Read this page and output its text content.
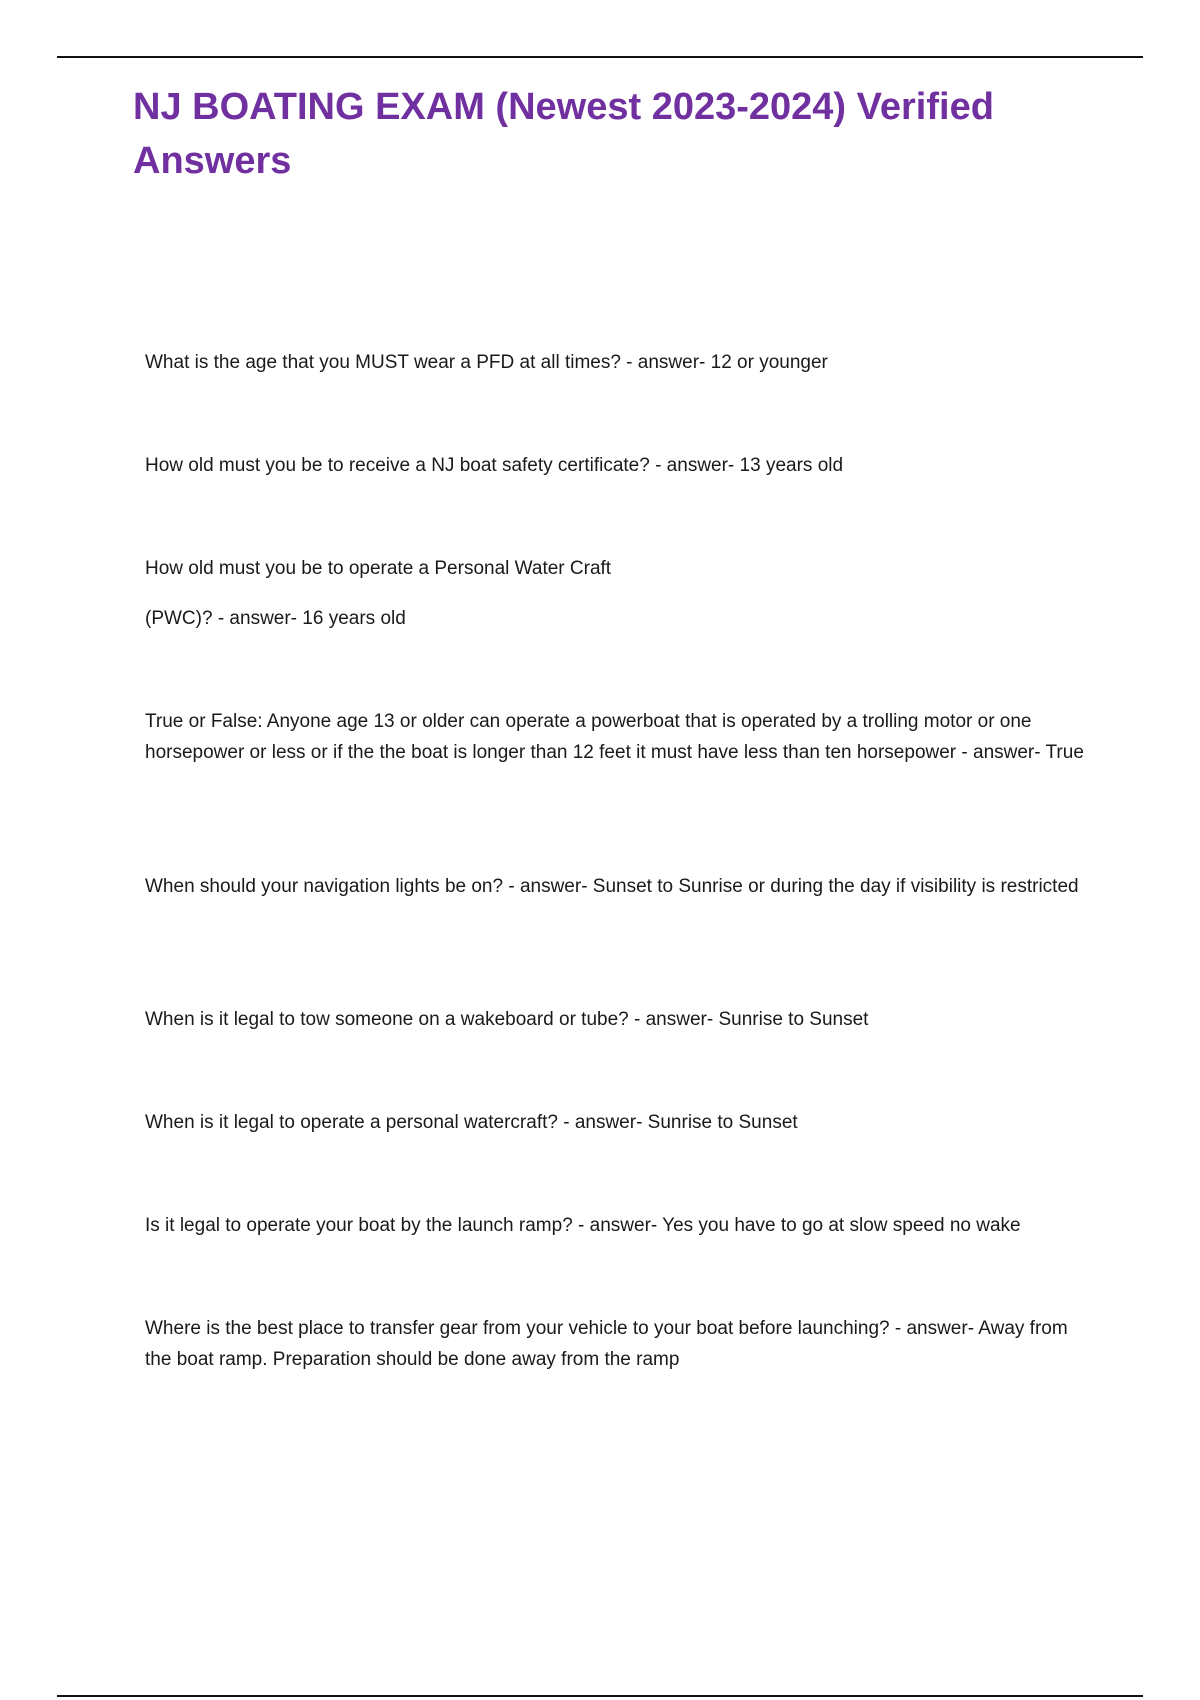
NJ BOATING EXAM (Newest 2023-2024) Verified Answers

What is the age that you MUST wear a PFD at all times? - answer- 12 or younger

How old must you be to receive a NJ boat safety certificate? - answer- 13 years old

How old must you be to operate a Personal Water Craft

(PWC)? - answer- 16 years old

True or False: Anyone age 13 or older can operate a powerboat that is operated by a trolling motor or one horsepower or less or if the the boat is longer than 12 feet it must have less than ten horsepower - answer- True

When should your navigation lights be on? - answer- Sunset to Sunrise or during the day if visibility is restricted

When is it legal to tow someone on a wakeboard or tube? - answer- Sunrise to Sunset

When is it legal to operate a personal watercraft? - answer- Sunrise to Sunset

Is it legal to operate your boat by the launch ramp? - answer- Yes you have to go at slow speed no wake

Where is the best place to transfer gear from your vehicle to your boat before launching? - answer- Away from the boat ramp. Preparation should be done away from the ramp
